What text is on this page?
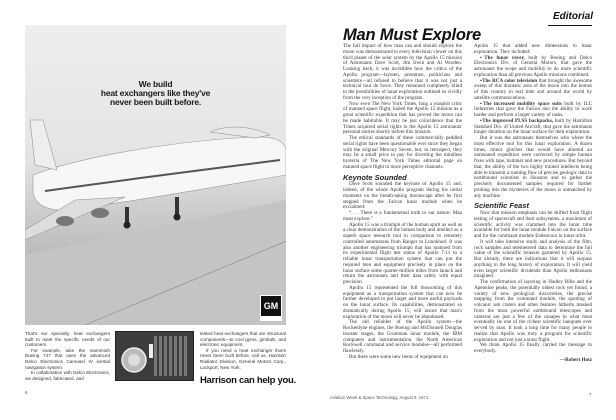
We build
heat exchangers like they've
never been built before.
GM

That's our specialty, heat exchangers built to meet the specific needs of our customers.

For example, take the mammoth Boeing 747 that uses the advanced Delco Electronics Carousel IV inertial navigation system.

In collaboration with Delco Electronics, we designed, fabricated, and

tested heat exchangers that are structural components—to cool gyros, gimbals, and electronic equipment.

If you need a heat exchanger that's never been built before, call us. Harrison Radiator Division, General Motors Corp., Lockport, New York.

Harrison can help you.
6
Editorial
Man Must Explore

The full impact of how man can and should explore the moon was demonstrated to every television viewer on this third planet of the solar system by the Apollo 15 mission of Astronauts Dave Scott, Jim Irwin and Al Worden. Looking back, it was incredible how the critics of the Apollo program—laymen, pressmen, politicians and scientists—all refused to believe that it was not just a technical tour de force. They remained completely blind to the possibilities of lunar exploration outlined so vividly from the very inception of the program.

Now even The New York Times, long a waspish critic of manned space flight, hailed the Apollo 15 mission as a great scientific expedition that has proved the moon can be made habitable. It may be just coincidence that the Times acquired serial rights to the Apollo 15 astronauts' personal stories shortly before this mission.

The ethical standards of these commercially peddled serial rights have been questionable ever since they began with the original Mercury Seven, but, in retrospect, they may be a small price to pay for diverting the mindless hysteria of The New York Times editorial page on manned space flight to more perceptive channels.

Keynote Sounded

Dave Scott sounded the keynote of Apollo 15 and, indeed, of the whole Apollo program during his initial moments on the breath-taking moonscape after he first stepped from the Falcon lunar module when he exclaimed:

“. . . There is a fundamental truth to our nature: Man must explore.”

Apollo 15 was a triumph of the human spirit as well as a clear demonstration of the human body and intellect as a superb space research tool in comparison to remotely controlled automatons from Ranger to Lunokhod. It was also another engineering triumph that has matured from its experimental flight test status of Apollo 7-11 to a reliable lunar transportation system that can put the required men and equipment precisely in place on the lunar surface some quarter-million miles from launch and return the astronauts and their data safely with equal precision.

Apollo 15 represented the full blossoming of this equipment as a transportation system that can now be further developed to put larger and more useful payloads on the lunar surface. Its capabilities, demonstrated so dramatically during Apollo 15, will insure that man's exploration of the moon will never be abandoned.

The old reliables of the Apollo system—the Rocketdyne engines, the Boeing and McDonnell Douglas booster stages, the Grumman lunar module, the IBM computers and instrumentation, the North American Rockwell command and service modules—all performed flawlessly.

But there were some new items of equipment on

Apollo 15 that added new dimensions to lunar exploration. They included:

▪The lunar rover, built by Boeing and Delco Electronics Div. of General Motors, that gave the astronauts the scope and mobility to do more scientific exploration than all previous Apollo missions combined.

▪The RCA color television that brought the awesome sweep of this dramatic area of the moon into the homes of this country in real time and around the world by satellite communications.

▪The increased mobility space suits built by ILC Industries that gave the Falcon duo the ability to work harder and perform a larger variety of tasks.

▪The improved PLSS backpacks, built by Hamilton Standard Div. of United Aircraft, that gave the astronauts longer duration on the lunar surface for their exploration.

But it was the astronauts themselves who where the most effective tool for this lunar exploration. A dozen times, minor glitches that would have aborted an unmanned expedition were corrected by simple human fixes with tape, hammer and new procedures. But beyond that, the ability of the two highly trained intellects being able to transmit a running flow of precise geologic data to earthbound scientists in Houston and to gather the precisely documented samples required for further probing into the mysteries of the moon is unmatched by any machine.

Scientific Feast

Now that mission emphasis can be shifted from flight testing of spacecraft and their subsystems, a maximum of scientific activity was crammed into the lunar time available for both the lunar module Falcon on the surface and for the command module Endeavour in lunar orbit.

It will take intensive study and analysis of the film, rock samples and telemetered data to determine the full value of the scientific treasure garnered by Apollo 15. But already, there are indications that it will surpass anything in the long history of exploration. It will yield even larger scientific dividends than Apollo enthusiasts imagined.

The confirmation of layering in Hadley Rille and the Apennine peaks, the potentially oldest rock yet found, a variety of new geological discoveries, the precise mapping from the command module, the spotting of volcanic ash craters and other features hitherto masked from the most powerful earthbound telescopes and cameras are just a few of the canapes in what must eventually be one of the richest scientific banquets ever served by man. It took a long time for many people to realize that Apollo was truly a program for scientific exploration and not just a stunt flight.

We think Apollo 15 finally carried the message to everybody.

—Robert Hotz

Aviation Week & Space Technology, August 9, 1971
7
